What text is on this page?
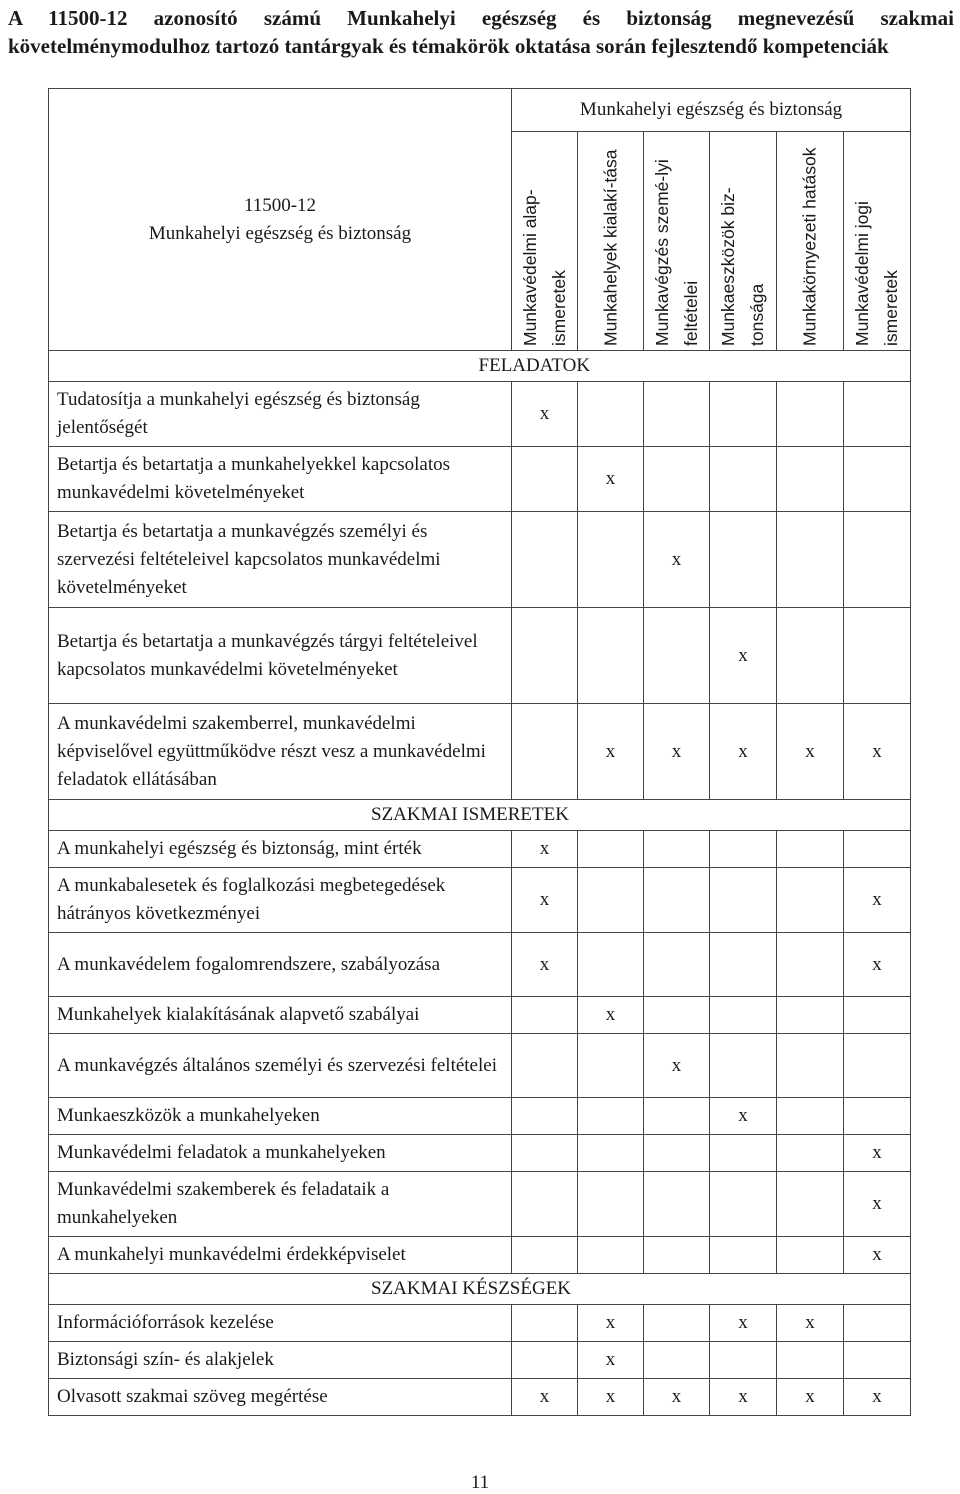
A 11500-12 azonosító számú Munkahelyi egészség és biztonság megnevezésű szakmai követelménymodulhoz tartozó tantárgyak és témakörök oktatása során fejlesztendő kompetenciák

11500-12
Munkahelyi egészség és biztonság	Munkahelyi egészség és biztonság					

	Munkavédelmi alap-ismeretek	Munkahelyek kialakí-tása	Munkavégzés szemé-lyi feltételei	Munkaeszközök biz-tonsága	Munkakörnyezeti hatások	Munkavédelmi jogi ismeretek

FELADATOK						
Tudatosítja a munkahelyi egészség és biztonság jelentőségét	x					
Betartja és betartatja a munkahelyekkel kapcsolatos munkavédelmi követelményeket		x				
Betartja és betartatja a munkavégzés személyi és szervezési feltételeivel kapcsolatos munkavédelmi követelményeket			x			
Betartja és betartatja a munkavégzés tárgyi feltételeivel kapcsolatos munkavédelmi követelményeket				x		
A munkavédelmi szakemberrel, munkavédelmi képviselővel együttműködve részt vesz a munkavédelmi feladatok ellátásában		x	x	x	x	x
SZAKMAI ISMERETEK						
A munkahelyi egészség és biztonság, mint érték	x					
A munkabalesetek és foglalkozási megbetegedések hátrányos következményei	x					x
A munkavédelem fogalomrendszere, szabályozása	x					x
Munkahelyek kialakításának alapvető szabályai		x				
A munkavégzés általános személyi és szervezési feltételei			x			
Munkaeszközök a munkahelyeken				x		
Munkavédelmi feladatok a munkahelyeken						x
Munkavédelmi szakemberek és feladataik a munkahelyeken						x
A munkahelyi munkavédelmi érdekképviselet						x
SZAKMAI KÉSZSÉGEK						
Információforrások kezelése		x		x	x	
Biztonsági szín- és alakjelek		x				
Olvasott szakmai szöveg megértése	x	x	x	x	x	x
11
